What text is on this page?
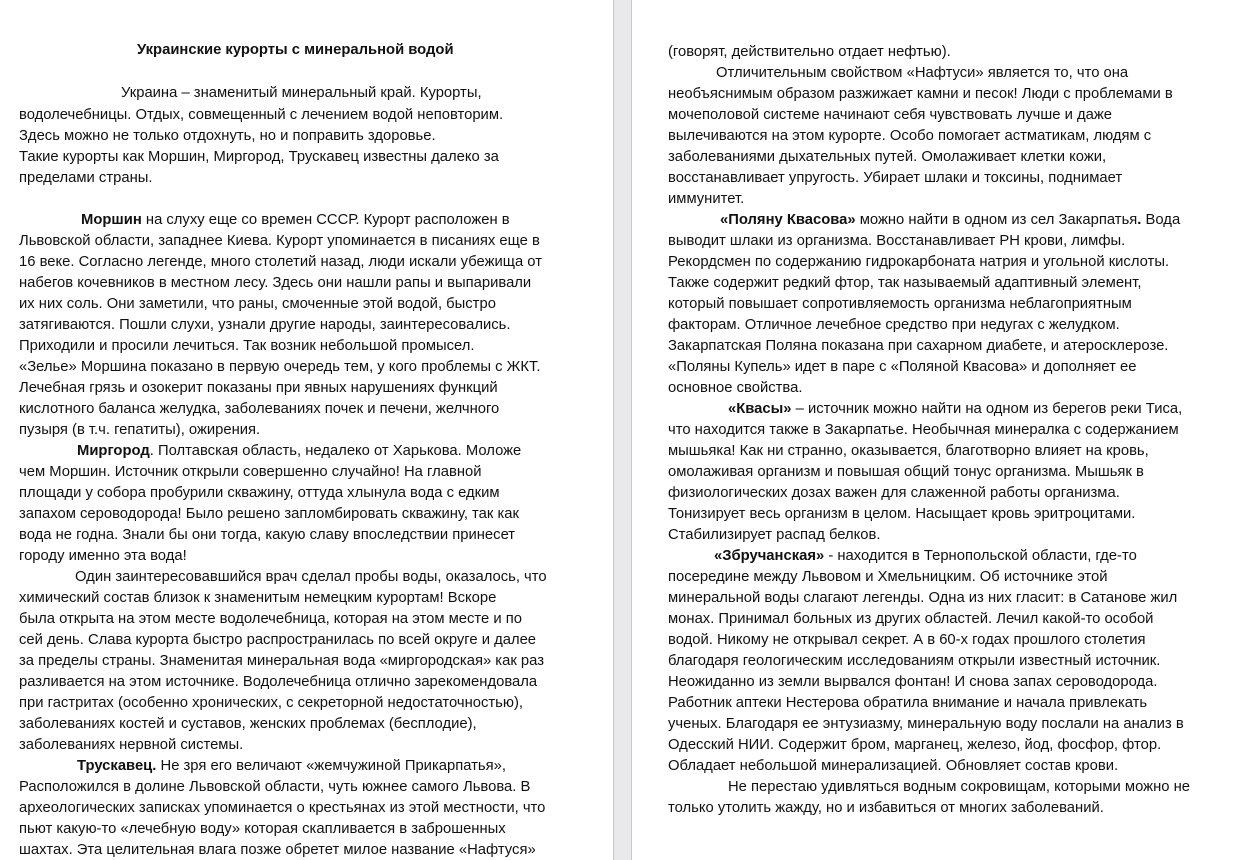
Украинские курорты с минеральной водой
Украина – знаменитый минеральный край. Курорты,
водолечебницы. Отдых, совмещенный с лечением водой неповторим.
Здесь можно не только отдохнуть, но и поправить здоровье.
Такие курорты как Моршин, Миргород, Трускавец известны далеко за
пределами страны.
Моршин на слуху еще со времен СССР. Курорт расположен в
Львовской области, западнее Киева. Курорт упоминается в писаниях еще в
16 веке. Согласно легенде, много столетий назад, люди искали убежища от
набегов кочевников в местном лесу. Здесь они нашли рапы и выпаривали
их них соль. Они заметили, что раны, смоченные этой водой, быстро
затягиваются. Пошли слухи, узнали другие народы, заинтересовались.
Приходили и просили лечиться. Так возник небольшой промысел.
«Зелье» Моршина показано в первую очередь тем, у кого проблемы с ЖКТ.
Лечебная грязь и озокерит показаны при явных нарушениях функций
кислотного баланса желудка, заболеваниях почек и печени, желчного
пузыря (в т.ч. гепатиты), ожирения.
Миргород. Полтавская область, недалеко от Харькова. Моложе
чем Моршин. Источник открыли совершенно случайно! На главной
площади у собора пробурили скважину, оттуда хлынула вода с едким
запахом сероводорода! Было решено запломбировать скважину, так как
вода не годна. Знали бы они тогда, какую славу впоследствии принесет
городу именно эта вода!
Один заинтересовавшийся врач сделал пробы воды, оказалось, что
химический состав близок к знаменитым немецким курортам! Вскоре
была открыта на этом месте водолечебница, которая на этом месте и по
сей день. Слава курорта быстро распространилась по всей округе и далее
за пределы страны. Знаменитая минеральная вода «миргородская» как раз
разливается на этом источнике. Водолечебница отлично зарекомендовала
при гастритах (особенно хронических, с секреторной недостаточностью),
заболеваниях костей и суставов, женских проблемах (бесплодие),
заболеваниях нервной системы.
Трускавец. Не зря его величают «жемчужиной Прикарпатья»,
Расположился в долине Львовской области, чуть южнее самого Львова. В
археологических записках упоминается о крестьянах из этой местности, что
пьют какую-то «лечебную воду» которая скапливается в заброшенных
шахтах. Эта целительная влага позже обретет милое название «Нафтуся»
(говорят, действительно отдает нефтью).
Отличительным свойством «Нафтуси» является то, что она
необъяснимым образом разжижает камни и песок! Люди с проблемами в
мочеполовой системе начинают себя чувствовать лучше и даже
вылечиваются на этом курорте. Особо помогает астматикам, людям с
заболеваниями дыхательных путей. Омолаживает клетки кожи,
восстанавливает упругость. Убирает шлаки и токсины, поднимает
иммунитет.
«Поляну Квасова» можно найти в одном из сел Закарпатья. Вода
выводит шлаки из организма. Восстанавливает PH крови, лимфы.
Рекордсмен по содержанию гидрокарбоната натрия и угольной кислоты.
Также содержит редкий фтор, так называемый адаптивный элемент,
который повышает сопротивляемость организма неблагоприятным
факторам. Отличное лечебное средство при недугах с желудком.
Закарпатская Поляна показана при сахарном диабете, и атеросклерозе.
«Поляны Купель» идет в паре с «Поляной Квасова» и дополняет ее
основное свойства.
«Квасы» – источник можно найти на одном из берегов реки Тиса,
что находится также в Закарпатье. Необычная минералка с содержанием
мышьяка! Как ни странно, оказывается, благотворно влияет на кровь,
омолаживая организм и повышая общий тонус организма. Мышьяк в
физиологических дозах важен для слаженной работы организма.
Тонизирует весь организм в целом. Насыщает кровь эритроцитами.
Стабилизирует распад белков.
«Збручанская» - находится в Тернопольской области, где-то
посередине между Львовом и Хмельницким. Об источнике этой
минеральной воды слагают легенды. Одна из них гласит: в Сатанове жил
монах. Принимал больных из других областей. Лечил какой-то особой
водой. Никому не открывал секрет. А в 60-х годах прошлого столетия
благодаря геологическим исследованиям открыли известный источник.
Неожиданно из земли вырвался фонтан! И снова запах сероводорода.
Работник аптеки Нестерова обратила внимание и начала привлекать
ученых. Благодаря ее энтузиазму, минеральную воду послали на анализ в
Одесский НИИ. Содержит бром, марганец, железо, йод, фосфор, фтор.
Обладает небольшой минерализацией. Обновляет состав крови.
Не перестаю удивляться водным сокровищам, которыми можно не
только утолить жажду, но и избавиться от многих заболеваний.
